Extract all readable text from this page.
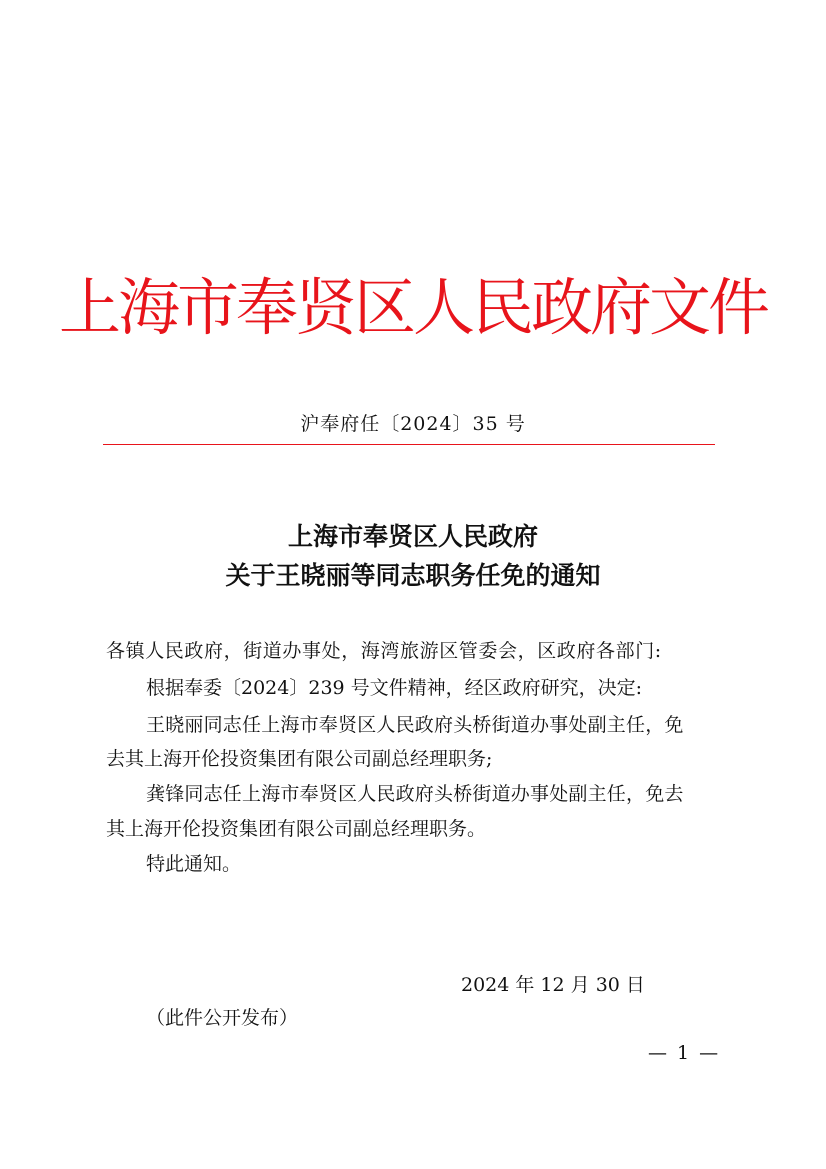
上海市奉贤区人民政府文件
沪奉府任〔2024〕35 号
上海市奉贤区人民政府
关于王晓丽等同志职务任免的通知
各镇人民政府，街道办事处，海湾旅游区管委会，区政府各部门:
根据奉委〔2024〕239 号文件精神，经区政府研究，决定:
王晓丽同志任上海市奉贤区人民政府头桥街道办事处副主任，免
去其上海开伦投资集团有限公司副总经理职务;
龚锋同志任上海市奉贤区人民政府头桥街道办事处副主任，免去
其上海开伦投资集团有限公司副总经理职务。
特此通知。
2024 年 12 月 30 日
（此件公开发布）
— 1 —
